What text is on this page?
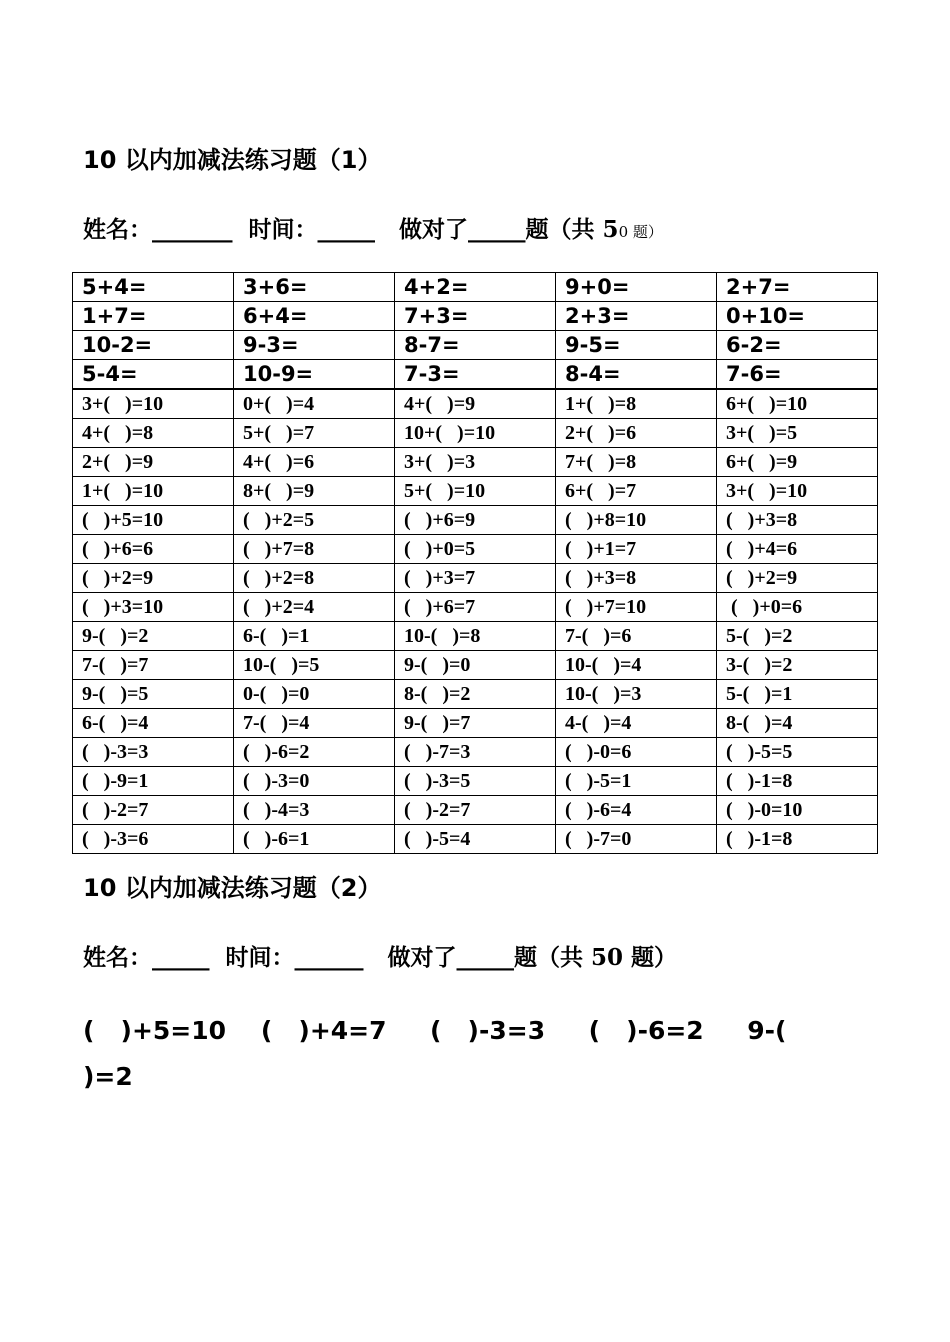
10 以内加减法练习题（1）
姓名：_______  时间：_____   做对了_____题（共 50 题）
5+4=	3+6=	4+2=	9+0=	2+7=
1+7=	6+4=	7+3=	2+3=	0+10=
10-2=	9-3=	8-7=	9-5=	6-2=
5-4=	10-9=	7-3=	8-4=	7-6=
3+(   )=10	0+(   )=4	4+(   )=9	1+(   )=8	6+(   )=10
4+(   )=8	5+(   )=7	10+(   )=10	2+(   )=6	3+(   )=5
2+(   )=9	4+(   )=6	3+(   )=3	7+(   )=8	6+(   )=9
1+(   )=10	8+(   )=9	5+(   )=10	6+(   )=7	3+(   )=10
(   )+5=10	(   )+2=5	(   )+6=9	(   )+8=10	(   )+3=8
(   )+6=6	(   )+7=8	(   )+0=5	(   )+1=7	(   )+4=6
(   )+2=9	(   )+2=8	(   )+3=7	(   )+3=8	(   )+2=9
(   )+3=10	(   )+2=4	(   )+6=7	(   )+7=10	(   )+0=6
9-(   )=2	6-(   )=1	10-(   )=8	7-(   )=6	5-(   )=2
7-(   )=7	10-(   )=5	9-(   )=0	10-(   )=4	3-(   )=2
9-(   )=5	0-(   )=0	8-(   )=2	10-(   )=3	5-(   )=1
6-(   )=4	7-(   )=4	9-(   )=7	4-(   )=4	8-(   )=4
(   )-3=3	(   )-6=2	(   )-7=3	(   )-0=6	(   )-5=5
(   )-9=1	(   )-3=0	(   )-3=5	(   )-5=1	(   )-1=8
(   )-2=7	(   )-4=3	(   )-2=7	(   )-6=4	(   )-0=10
(   )-3=6	(   )-6=1	(   )-5=4	(   )-7=0	(   )-1=8
10 以内加减法练习题（2）
姓名：_____  时间：______   做对了_____题（共 50 题）
(   )+5=10    (   )+4=7     (   )-3=3     (   )-6=2     9-(   )=2
